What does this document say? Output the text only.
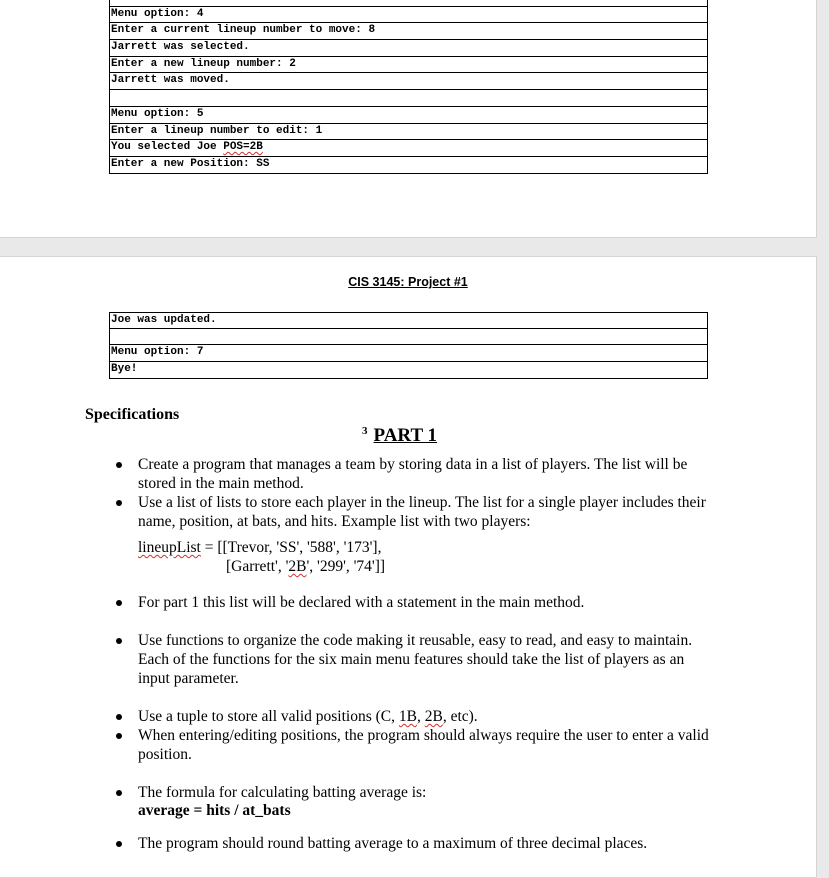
Menu option: 4
Enter a current lineup number to move: 8
Jarrett was selected.
Enter a new lineup number: 2
Jarrett was moved.
Menu option: 5
Enter a lineup number to edit: 1
You selected Joe POS=2B
Enter a new Position: SS
CIS 3145: Project #1
Joe was updated.
Menu option: 7
Bye!
Specifications
3 PART 1
Create a program that manages a team by storing data in a list of players. The list will be stored in the main method.
Use a list of lists to store each player in the lineup. The list for a single player includes their name, position, at bats, and hits. Example list with two players:
lineupList = [[Trevor, 'SS', '588', '173'],
[Garrett', '2B', '299', '74']]
For part 1 this list will be declared with a statement in the main method.
Use functions to organize the code making it reusable, easy to read, and easy to maintain. Each of the functions for the six main menu features should take the list of players as an input parameter.
Use a tuple to store all valid positions (C, 1B, 2B, etc).
When entering/editing positions, the program should always require the user to enter a valid position.
The formula for calculating batting average is:
average = hits / at_bats
The program should round batting average to a maximum of three decimal places.
